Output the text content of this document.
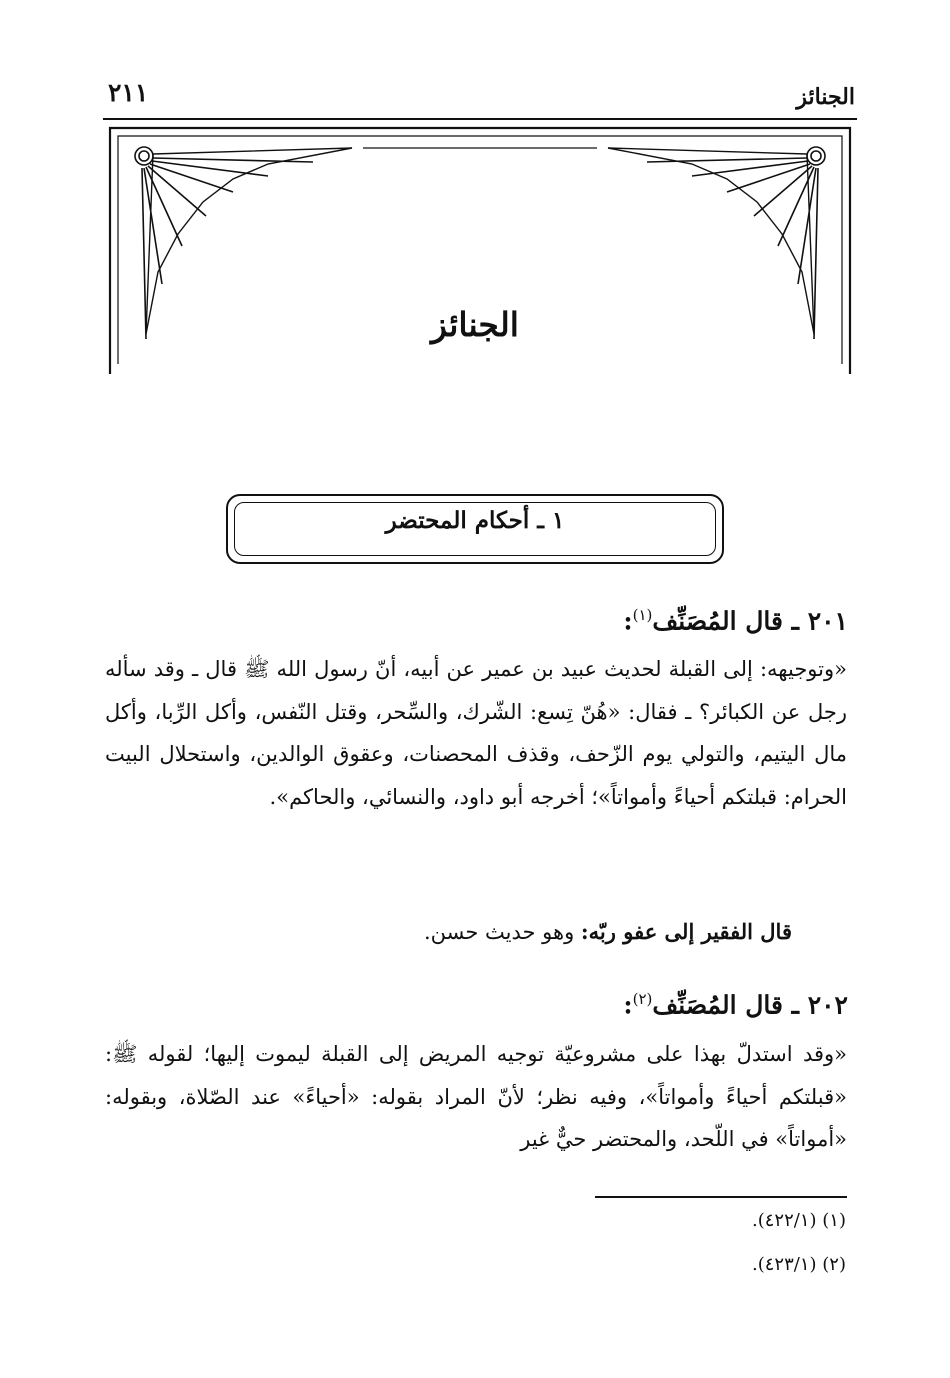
الجنائز
٢١١
الجنائز
١ ـ أحكام المحتضر
٢٠١ ـ قال المُصَنِّف$^{(١)}$:

«وتوجيهه: إلى القبلة لحديث عبيد بن عمير عن أبيه، أنّ رسول الله ﷺ قال ـ وقد سأله رجل عن الكبائر؟ ـ فقال: «هُنّ تِسع: الشّرك، والسِّحر، وقتل النّفس، وأكل الرِّبا، وأكل مال اليتيم، والتولي يوم الزّحف، وقذف المحصنات، وعقوق الوالدين، واستحلال البيت الحرام: قبلتكم أحياءً وأمواتاً»؛ أخرجه أبو داود، والنسائي، والحاكم».

قال الفقير إلى عفو ربّه: وهو حديث حسن.
٢٠٢ ـ قال المُصَنِّف$^{(٢)}$:

«وقد استدلّ بهذا على مشروعيّة توجيه المريض إلى القبلة ليموت إليها؛ لقوله ﷺ: «قبلتكم أحياءً وأمواتاً»، وفيه نظر؛ لأنّ المراد بقوله: «أحياءً» عند الصّلاة، وبقوله: «أمواتاً» في اللّحد، والمحتضر حيٌّ غير

(١) (٤٢٢/١).
(٢) (٤٢٣/١).
